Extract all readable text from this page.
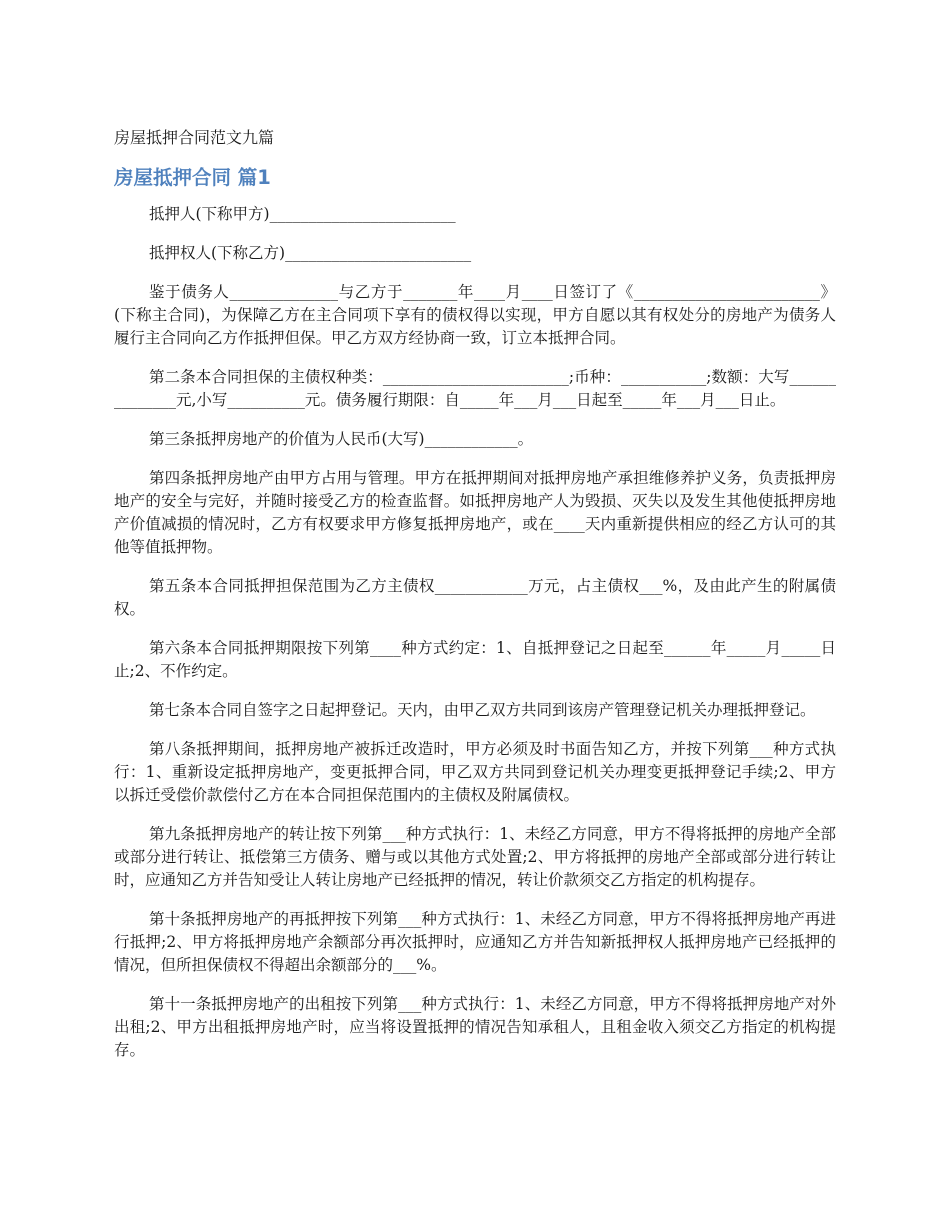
房屋抵押合同范文九篇
房屋抵押合同 篇1

抵押人(下称甲方)________________________

抵押权人(下称乙方)________________________

鉴于债务人______________与乙方于_______年____月____日签订了《________________________》(下称主合同)，为保障乙方在主合同项下享有的债权得以实现，甲方自愿以其有权处分的房地产为债务人履行主合同向乙方作抵押但保。甲乙方双方经协商一致，订立本抵押合同。

第二条本合同担保的主债权种类：________________________;币种：___________;数额：大写______________元,小写__________元。债务履行期限：自_____年___月___日起至_____年___月___日止。

第三条抵押房地产的价值为人民币(大写)____________。

第四条抵押房地产由甲方占用与管理。甲方在抵押期间对抵押房地产承担维修养护义务，负责抵押房地产的安全与完好，并随时接受乙方的检查监督。如抵押房地产人为毁损、灭失以及发生其他使抵押房地产价值减损的情况时，乙方有权要求甲方修复抵押房地产，或在____天内重新提供相应的经乙方认可的其他等值抵押物。

第五条本合同抵押担保范围为乙方主债权____________万元，占主债权___%，及由此产生的附属债权。

第六条本合同抵押期限按下列第____种方式约定：1、自抵押登记之日起至______年_____月_____日止;2、不作约定。

第七条本合同自签字之日起押登记。天内，由甲乙双方共同到该房产管理登记机关办理抵押登记。

第八条抵押期间，抵押房地产被拆迁改造时，甲方必须及时书面告知乙方，并按下列第___种方式执行：1、重新设定抵押房地产，变更抵押合同，甲乙双方共同到登记机关办理变更抵押登记手续;2、甲方以拆迁受偿价款偿付乙方在本合同担保范围内的主债权及附属债权。

第九条抵押房地产的转让按下列第___种方式执行：1、未经乙方同意，甲方不得将抵押的房地产全部或部分进行转让、抵偿第三方债务、赠与或以其他方式处置;2、甲方将抵押的房地产全部或部分进行转让时，应通知乙方并告知受让人转让房地产已经抵押的情况，转让价款须交乙方指定的机构提存。

第十条抵押房地产的再抵押按下列第___种方式执行：1、未经乙方同意，甲方不得将抵押房地产再进行抵押;2、甲方将抵押房地产余额部分再次抵押时，应通知乙方并告知新抵押权人抵押房地产已经抵押的情况，但所担保债权不得超出余额部分的___%。

第十一条抵押房地产的出租按下列第___种方式执行：1、未经乙方同意，甲方不得将抵押房地产对外出租;2、甲方出租抵押房地产时，应当将设置抵押的情况告知承租人，且租金收入须交乙方指定的机构提存。
